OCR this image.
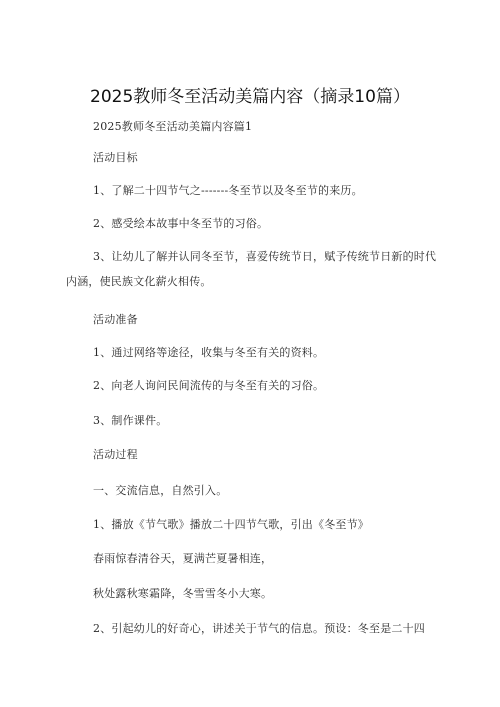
2025教师冬至活动美篇内容（摘录10篇）
2025教师冬至活动美篇内容篇1
活动目标
1、了解二十四节气之-------冬至节以及冬至节的来历。
2、感受绘本故事中冬至节的习俗。
3、让幼儿了解并认同冬至节，喜爱传统节日，赋予传统节日新的时代
内涵，使民族文化薪火相传。
活动准备
1、通过网络等途径，收集与冬至有关的资料。
2、向老人询问民间流传的与冬至有关的习俗。
3、制作课件。
活动过程
一、交流信息，自然引入。
1、播放《节气歌》播放二十四节气歌，引出《冬至节》
春雨惊春清谷天，夏满芒夏暑相连，
秋处露秋寒霜降，冬雪雪冬小大寒。
2、引起幼儿的好奇心，讲述关于节气的信息。预设：冬至是二十四
